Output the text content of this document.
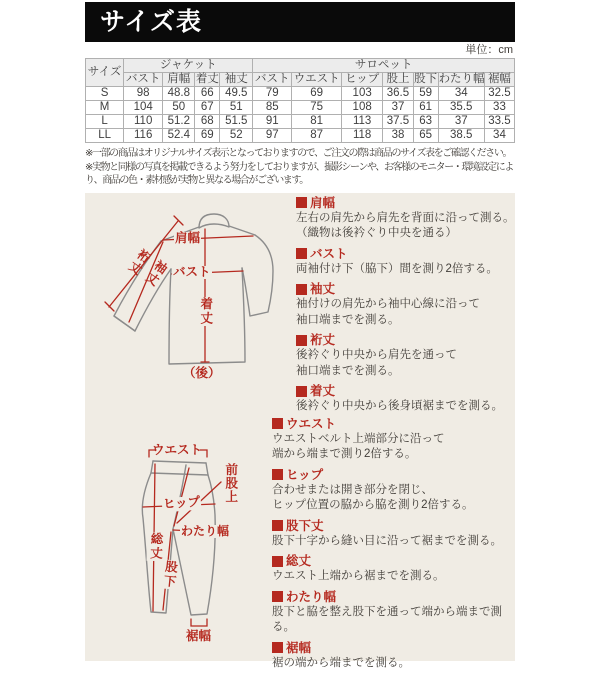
サイズ表
単位：cm
サイズ	ジャケット				サロペット						
	バスト	肩幅	着丈	袖丈	バスト	ウエスト	ヒップ	股上	股下	わたり幅	裾幅
S	98	48.8	66	49.5	79	69	103	36.5	59	34	32.5
M	104	50	67	51	85	75	108	37	61	35.5	33
L	110	51.2	68	51.5	91	81	113	37.5	63	37	33.5
LL	116	52.4	69	52	97	87	118	38	65	38.5	34

※一部の商品はオリジナルサイズ表示となっておりますので、ご注文の際は商品のサイズ表をご確認ください。

※実物と同様の写真を掲載できるよう努力をしておりますが、撮影シーンや、お客様のモニター・環境設定により、商品の色・素材感が実物と異なる場合がございます。

肩幅
バスト
着丈
袖丈
裄丈
（後）
ウエスト
前股上
ヒップ
わたり幅
総丈
股下
裾幅
肩幅

左右の肩先から肩先を背面に沿って測る。

（織物は後衿ぐり中央を通る）

バスト

両袖付け下（脇下）間を測り2倍する。

袖丈

袖付けの肩先から袖中心線に沿って

袖口端までを測る。

裄丈

後衿ぐり中央から肩先を通って

袖口端までを測る。

着丈

後衿ぐり中央から後身頃裾までを測る。

ウエスト

ウエストベルト上端部分に沿って

端から端まで測り2倍する。

ヒップ

合わせまたは開き部分を閉じ、

ヒップ位置の脇から脇を測り2倍する。

股下丈

股下十字から縫い目に沿って裾までを測る。

総丈

ウエスト上端から裾までを測る。

わたり幅

股下と脇を整え股下を通って端から端まで測る。

裾幅

裾の端から端までを測る。
